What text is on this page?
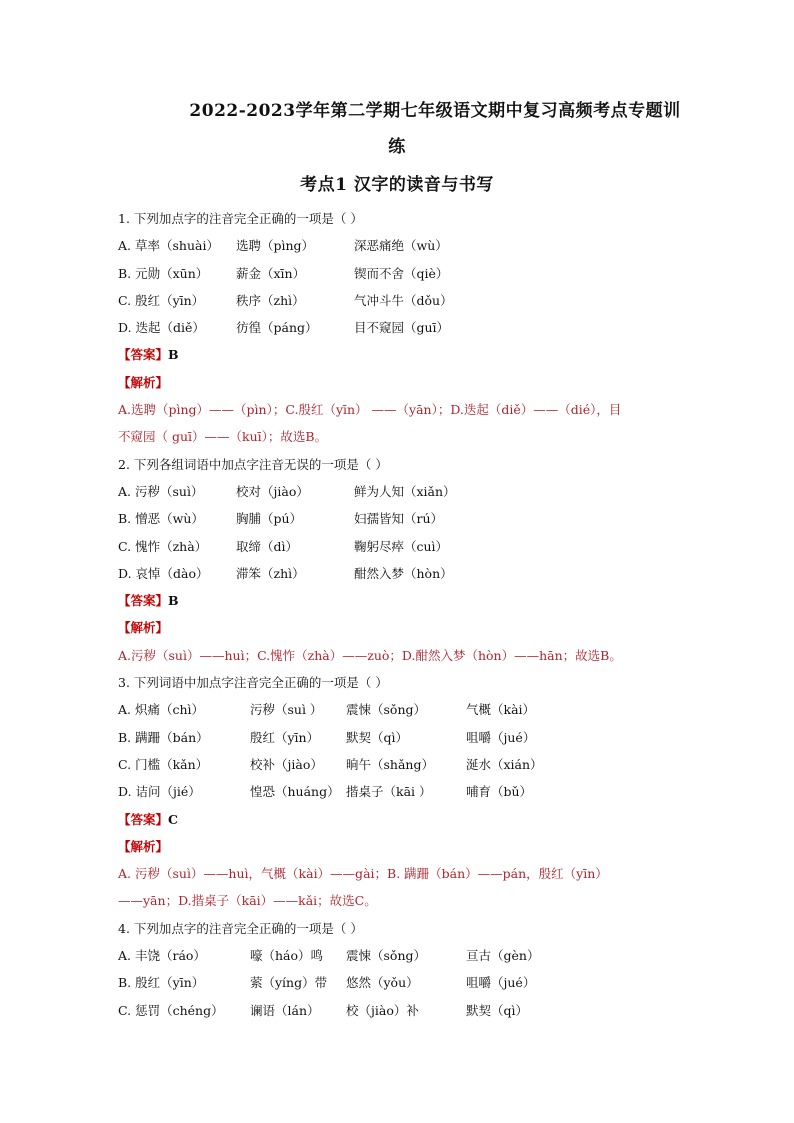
2022-2023学年第二学期七年级语文期中复习高频考点专题训
练
考点1 汉字的读音与书写
1. 下列加点字的注音完全正确的一项是（ ）
A. 草率（shuài） 选聘（pìng）	深恶痛绝（wù）
B. 元勋（xūn） 薪金（xīn）	锲而不舍（qiè）
C. 殷红（yīn）	秩序（zhì）	气冲斗牛（dǒu）
D. 迭起（diě） 彷徨（páng）	目不窥园（guī）
【答案】B
【解析】
A.选聘（pìng）——（pìn）；C.殷红（yīn） ——（yān）；D.迭起（diě）——（dié），目
不窥园（ guī）——（kuī）；故选B。
2. 下列各组词语中加点字注音无误的一项是（ ）
A. 污秽（suì）	校对（jiào）	鲜为人知（xiǎn）
B. 憎恶（wù）	胸脯（pú）	妇孺皆知（rú）
C. 愧怍（zhà） 取缔（dì）	鞠躬尽瘁（cuì）
D. 哀悼（dào） 滞笨（zhì）	酣然入梦（hòn）
【答案】B
【解析】
A.污秽（suì）——huì；C.愧怍（zhà）——zuò；D.酣然入梦（hòn）——hān；故选B。
3. 下列词语中加点字注音完全正确的一项是（ ）
A. 炽痛（chì）	污秽（suì ） 震悚（sǒng）	气概（kài）
B. 蹒跚（bán）	殷红（yīn） 默契（qì）	咀嚼（jué）
C. 门槛（kǎn）	校补（jiào） 晌午（shǎng）	涎水（xián）
D. 诘问（jié）	惶恐（huáng） 揩桌子（kāi ）	哺育（bǔ）
【答案】C
【解析】
A. 污秽（suì）——huì，气概（kài）——gài；B. 蹒跚（bán）——pán，殷红（yīn）
——yān；D.揩桌子（kāi）——kǎi；故选C。
4. 下列加点字的注音完全正确的一项是（ ）
A. 丰饶（ráo）	嚎（háo）鸣 震悚（sǒng）	亘古（gèn）
B. 殷红（yīn）	萦（yíng）带 悠然（yǒu）	咀嚼（jué）
C. 惩罚（chéng） 谰语（lán） 校（jiào）补	默契（qì）
